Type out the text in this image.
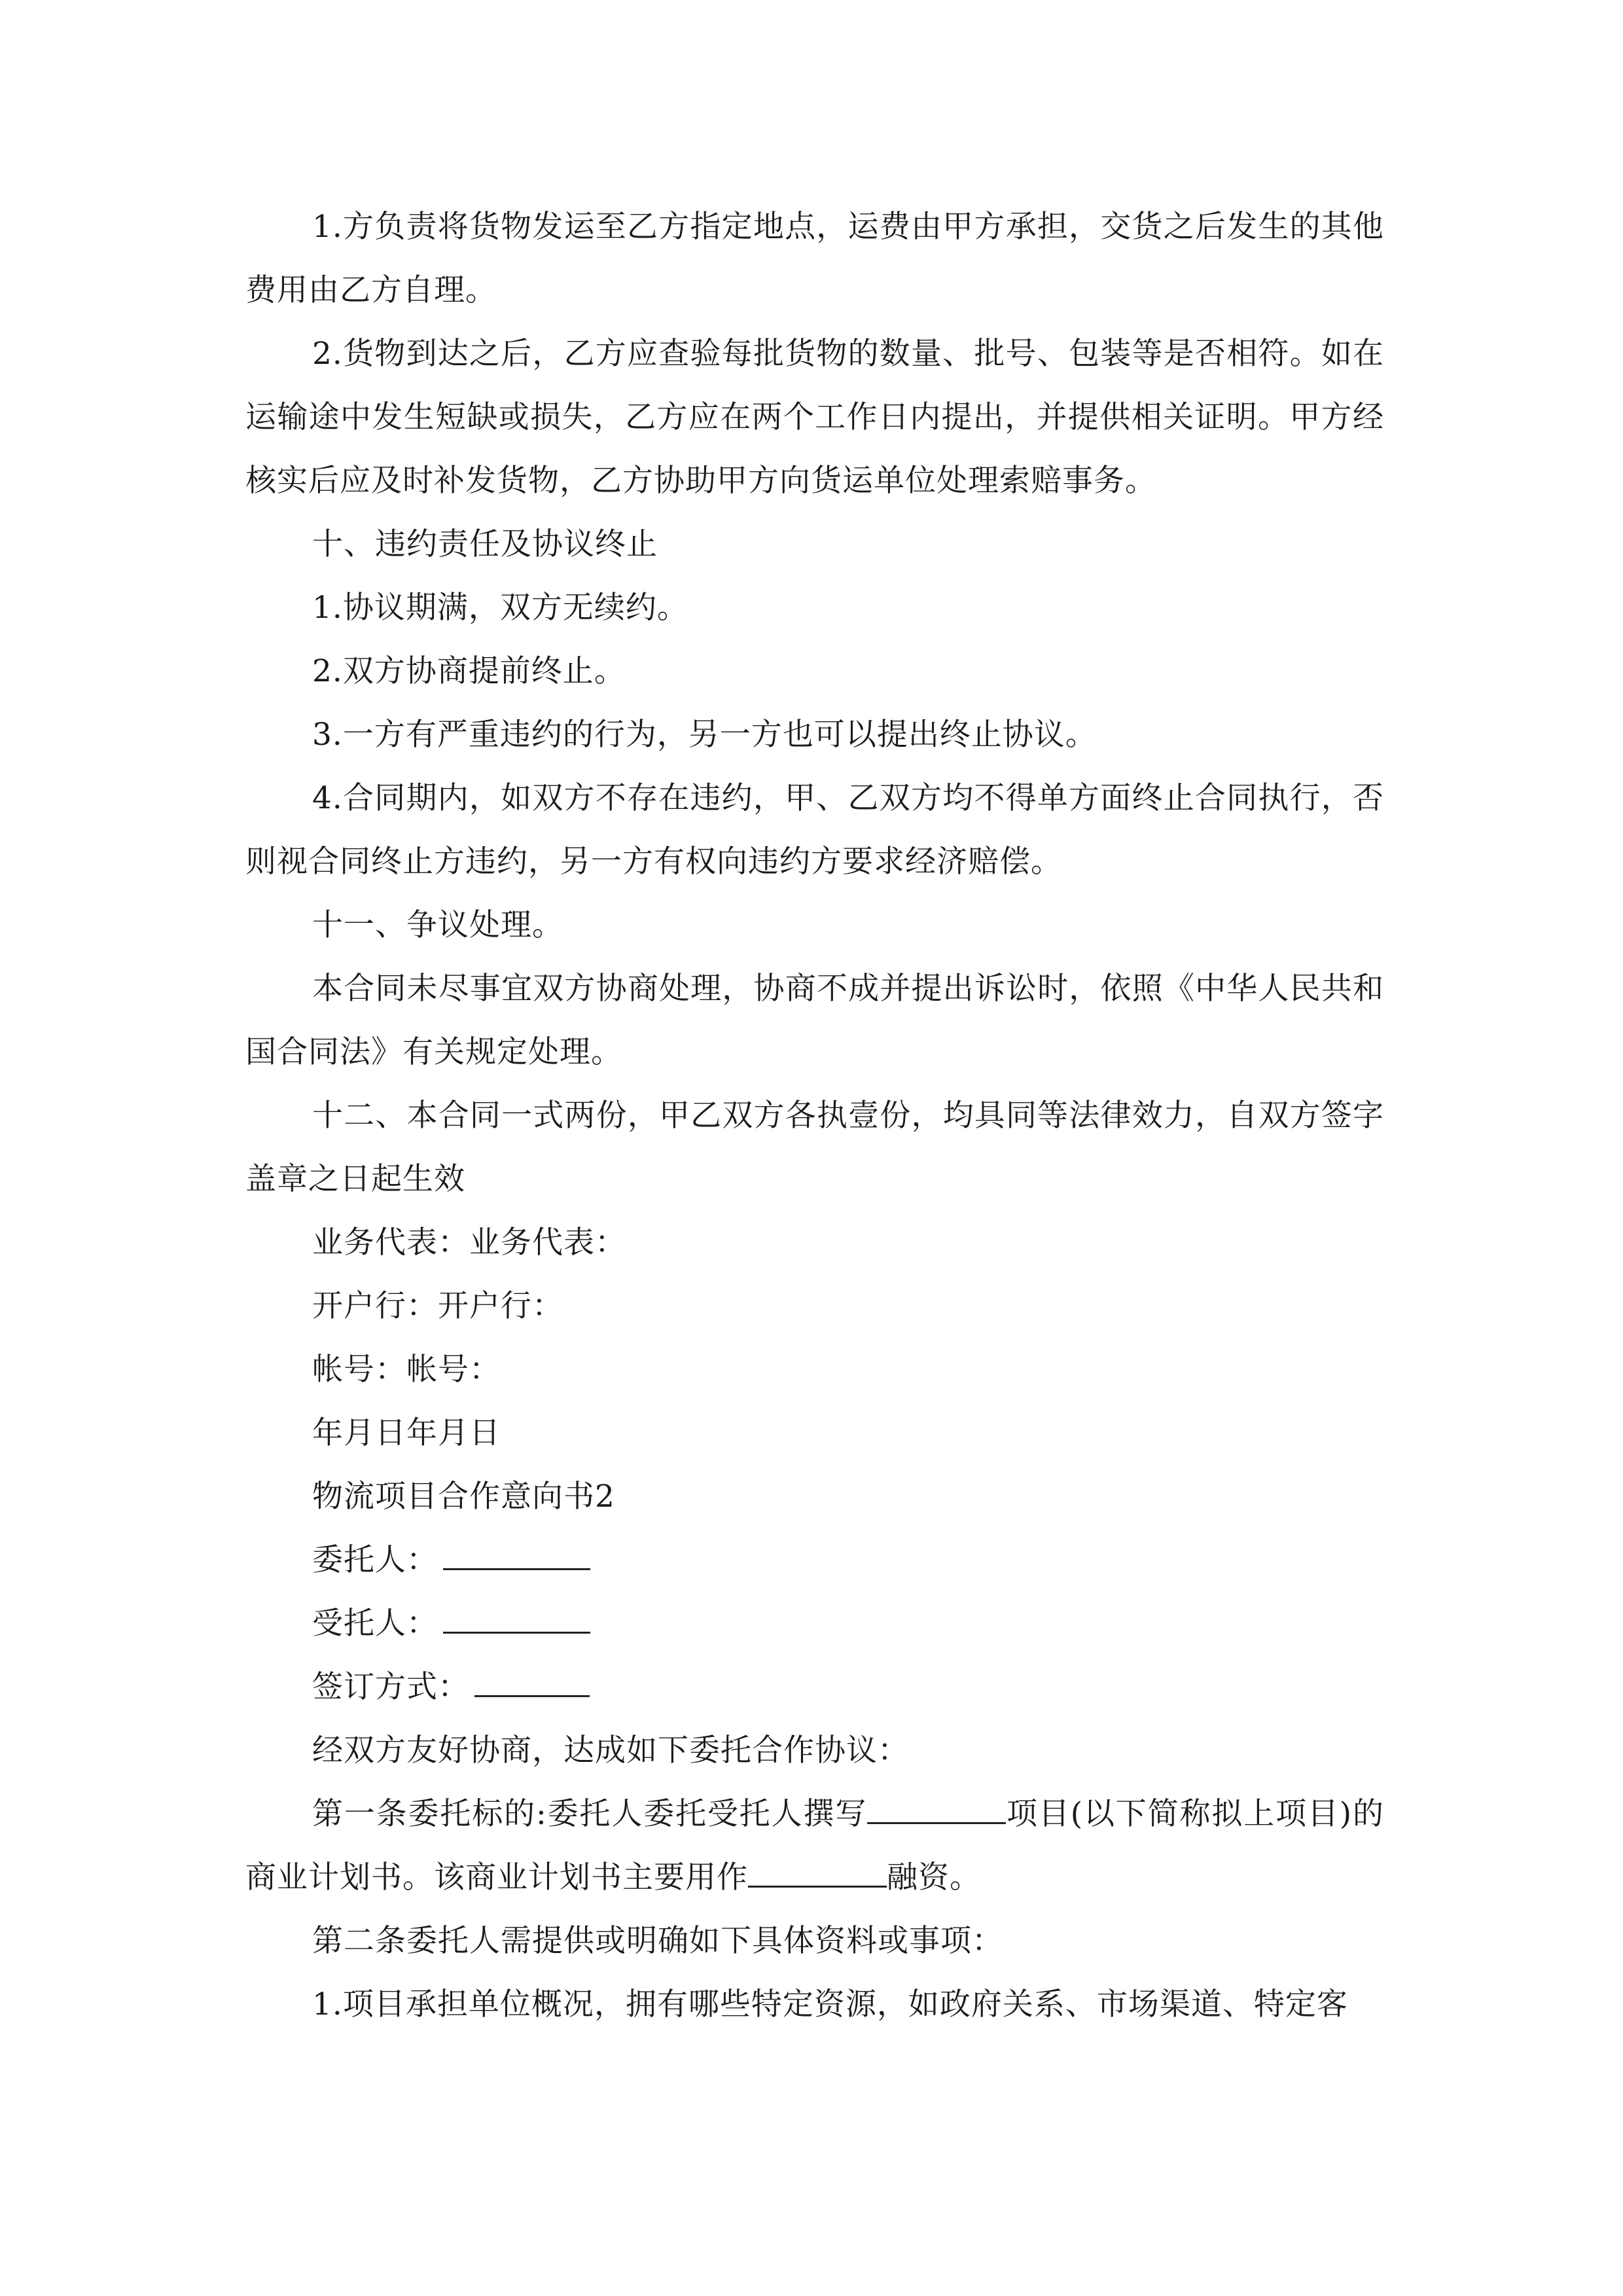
1.方负责将货物发运至乙方指定地点，运费由甲方承担，交货之后发生的其他费用由乙方自理。

2.货物到达之后，乙方应查验每批货物的数量、批号、包装等是否相符。如在运输途中发生短缺或损失，乙方应在两个工作日内提出，并提供相关证明。甲方经核实后应及时补发货物，乙方协助甲方向货运单位处理索赔事务。

十、违约责任及协议终止

1.协议期满，双方无续约。

2.双方协商提前终止。

3.一方有严重违约的行为，另一方也可以提出终止协议。

4.合同期内，如双方不存在违约，甲、乙双方均不得单方面终止合同执行，否则视合同终止方违约，另一方有权向违约方要求经济赔偿。

十一、争议处理。

本合同未尽事宜双方协商处理，协商不成并提出诉讼时，依照《中华人民共和国合同法》有关规定处理。

十二、本合同一式两份，甲乙双方各执壹份，均具同等法律效力，自双方签字盖章之日起生效

业务代表：业务代表：

开户行：开户行：

帐号：帐号：

年月日年月日

物流项目合作意向书2

委托人：

受托人：

签订方式：

经双方友好协商，达成如下委托合作协议：

第一条委托标的:委托人委托受托人撰写	项目(以下简称拟上项目)的商业计划书。该商业计划书主要用作	融资。

第二条委托人需提供或明确如下具体资料或事项：

1.项目承担单位概况，拥有哪些特定资源，如政府关系、市场渠道、特定客
